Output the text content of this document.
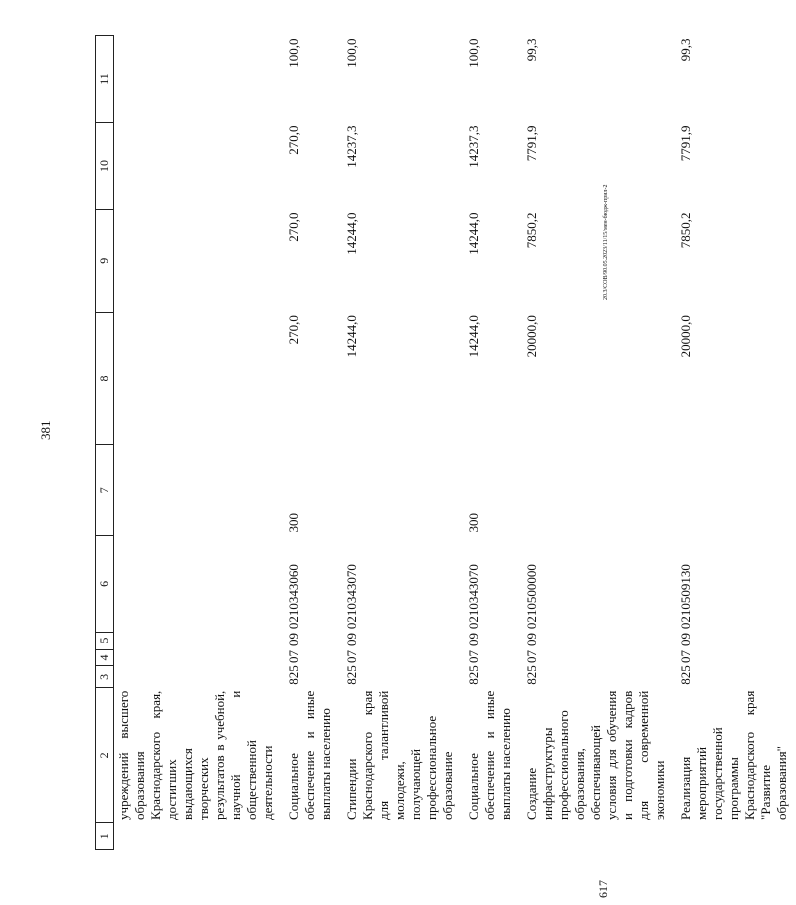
381
617
20.3/СОВ/90.05.2023/11/15/мен-бюдж-прил-2
1	2	3	4	5	6	7	8	9	10	11
	учреждений высшего образования Краснодарского края, достигших выдающихся творческих результатов в учебной, научной и общественной деятельности									
	Социальное обеспечение и иные выплаты населению	825	07	09	0210343060	300	270,0	270,0	270,0	100,0
	Стипендии Краснодарского края для талантливой молодежи, получающей профессиональное образование	825	07	09	0210343070		14244,0	14244,0	14237,3	100,0
	Социальное обеспечение и иные выплаты населению	825	07	09	0210343070	300	14244,0	14244,0	14237,3	100,0
	Создание инфраструктуры профессионального образования, обеспечивающей условия для обучения и подготовки кадров для современной экономики	825	07	09	0210500000		20000,0	7850,2	7791,9	99,3
	Реализация мероприятий государственной программы Краснодарского края "Развитие образования"	825	07	09	0210509130		20000,0	7850,2	7791,9	99,3
